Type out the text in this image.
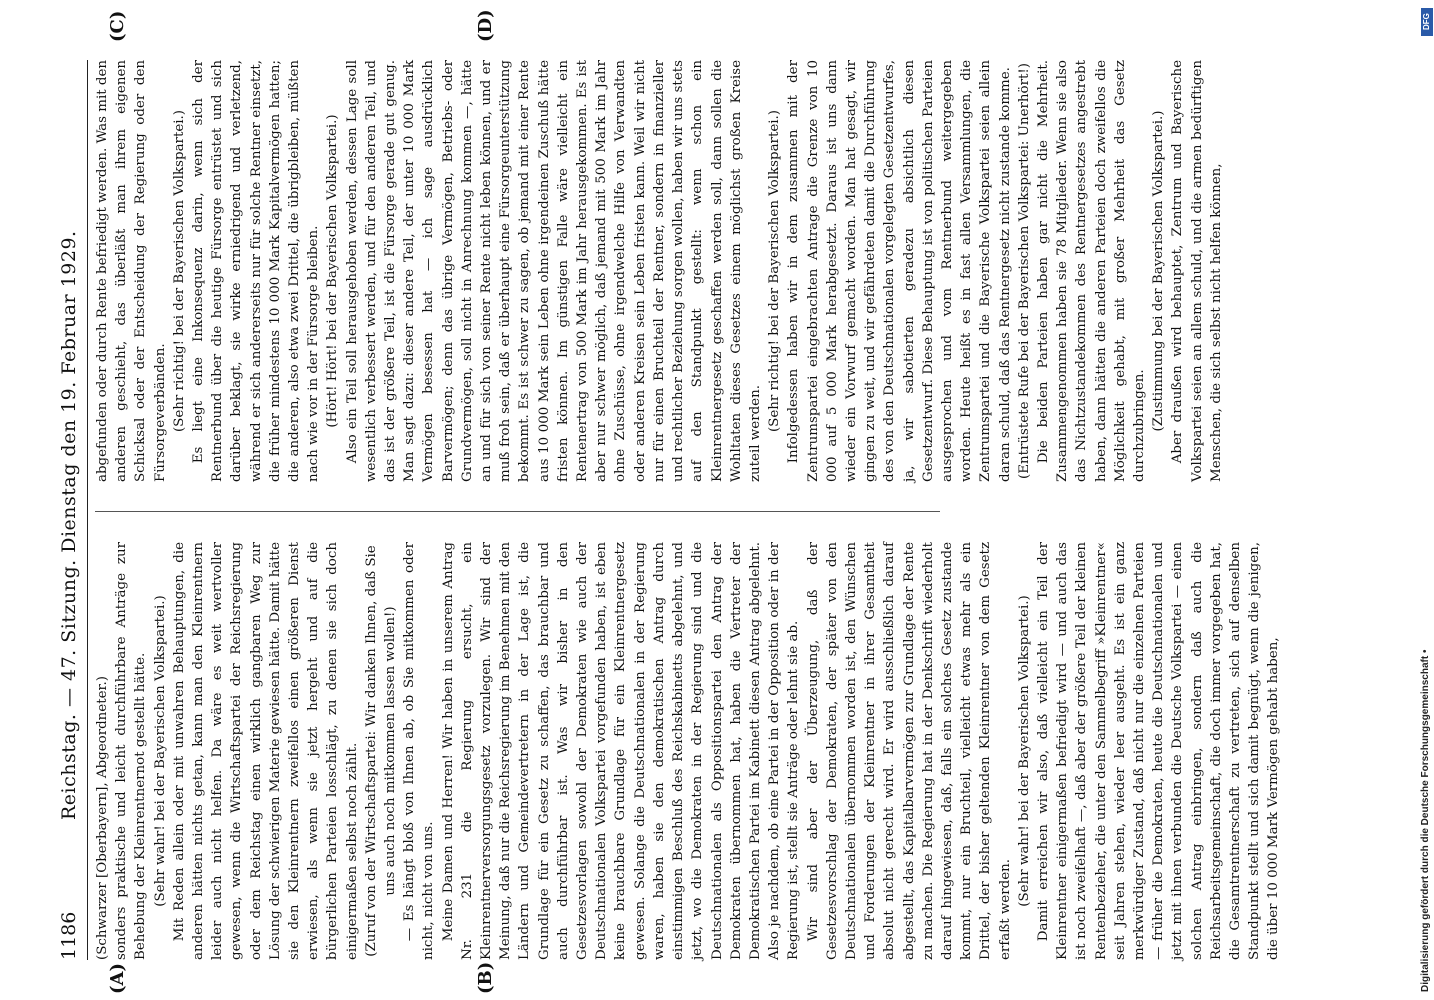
1186
Reichstag. — 47. Sitzung. Dienstag den 19. Februar 1929.
(A)	(B)
(C)	(D)

(Schwarzer [Oberbayern], Abgeordneter.) sonders praktische und leicht durchführbare Anträge zur Behebung der Kleinrentnernot gestellt hätte. (Sehr wahr! bei der Bayerischen Volkspartei.) Mit Reden allein oder mit unwahren Behauptungen, die anderen hätten nichts getan, kann man den Kleinrentnern leider auch nicht helfen. Da wäre es weit wertvoller gewesen, wenn die Wirtschaftspartei der Reichsregierung oder dem Reichstag einen wirklich gangbaren Weg zur Lösung der schwierigen Materie gewiesen hätte. Damit hätte sie den Kleinrentnern zweifellos einen größeren Dienst erwiesen, als wenn sie jetzt hergeht und auf die bürgerlichen Parteien losschlägt, zu denen sie sich doch einigermaßen selbst noch zählt. (Zuruf von der Wirtschaftspartei: Wir danken Ihnen, daß Sie uns auch noch mitkommen lassen wollen!) — Es hängt bloß von Ihnen ab, ob Sie mitkommen oder nicht, nicht von uns. Meine Damen und Herren! Wir haben in unserem Antrag Nr. 231 die Regierung ersucht, ein Kleinrentnerversorgungsgesetz vorzulegen. Wir sind der Meinung, daß nur die Reichsregierung im Benehmen mit den Ländern und Gemeindevertretern in der Lage ist, die Grundlage für ein Gesetz zu schaffen, das brauchbar und auch durchführbar ist. Was wir bisher in den Gesetzesvorlagen sowohl der Demokraten wie auch der Deutschnationalen Volkspartei vorgefunden haben, ist eben keine brauchbare Grundlage für ein Kleinrentnergesetz gewesen. Solange die Deutschnationalen in der Regierung waren, haben sie den demokratischen Antrag durch einstimmigen Beschluß des Reichskabinetts abgelehnt, und jetzt, wo die Demokraten in der Regierung sind und die Deutschnationalen als Oppositionspartei den Antrag der Demokraten übernommen hat, haben die Vertreter der Demokratischen Partei im Kabinett diesen Antrag abgelehnt. Also je nachdem, ob eine Partei in der Opposition oder in der Regierung ist, stellt sie Anträge oder lehnt sie ab. Wir sind aber der Überzeugung, daß der Gesetzesvorschlag der Demokraten, der später von den Deutschnationalen übernommen worden ist, den Wünschen und Forderungen der Kleinrentner in ihrer Gesamtheit absolut nicht gerecht wird. Er wird ausschließlich darauf abgestellt, das Kapitalbarvermögen zur Grundlage der Rente zu machen. Die Regierung hat in der Denkschrift wiederholt darauf hingewiesen, daß, falls ein solches Gesetz zustande kommt, nur ein Bruchteil, vielleicht etwas mehr als ein Drittel, der bisher geltenden Kleinrentner von dem Gesetz erfaßt werden.

(Sehr wahr! bei der Bayerischen Volkspartei.) Damit erreichen wir also, daß vielleicht ein Teil der Kleinrentner einigermaßen befriedigt wird — und auch das ist noch zweifelhaft —, daß aber der größere Teil der kleinen Rentenbezieher, die unter den Sammelbegriff »Kleinrentner« seit Jahren stehen, wieder leer ausgeht. Es ist ein ganz merkwürdiger Zustand, daß nicht nur die einzelnen Parteien — früher die Demokraten, heute die Deutschnationalen und jetzt mit ihnen verbunden die Deutsche Volkspartei — einen solchen Antrag einbringen, sondern daß auch die Reichsarbeitsgemeinschaft, die doch immer vorgegeben hat, die Gesamtrentnerschaft zu vertreten, sich auf denselben Standpunkt stellt und sich damit begnügt, wenn die jenigen, die über 10 000 Mark Vermögen gehabt haben,

abgefunden oder durch Rente befriedigt werden. Was mit den anderen geschieht, das überläßt man ihrem eigenen Schicksal oder der Entscheidung der Regierung oder den Fürsorgeverbänden. (Sehr richtig! bei der Bayerischen Volkspartei.) Es liegt eine Inkonsequenz darin, wenn sich der Rentnerbund über die heutige Fürsorge entrüstet und sich darüber beklagt, sie wirke erniedrigend und verletzend, während er sich andererseits nur für solche Rentner einsetzt, die früher mindestens 10 000 Mark Kapitalvermögen hatten; die anderen, also etwa zwei Drittel, die übrigbleiben, müßten nach wie vor in der Fürsorge bleiben. (Hört! Hört! bei der Bayerischen Volkspartei.) Also ein Teil soll herausgehoben werden, dessen Lage soll wesentlich verbessert werden, und für den anderen Teil, und das ist der größere Teil, ist die Fürsorge gerade gut genug. Man sagt dazu: dieser andere Teil, der unter 10 000 Mark Vermögen besessen hat — ich sage ausdrücklich Barvermögen; denn das übrige Vermögen, Betriebs- oder Grundvermögen, soll nicht in Anrechnung kommen —, hätte an und für sich von seiner Rente nicht leben können, und er muß froh sein, daß er überhaupt eine Fürsorgeunterstützung bekommt. Es ist schwer zu sagen, ob jemand mit einer Rente aus 10 000 Mark sein Leben ohne irgendeinen Zuschuß hätte fristen können. Im günstigen Falle wäre vielleicht ein Rentenertrag von 500 Mark im Jahr herausgekommen. Es ist aber nur schwer möglich, daß jemand mit 500 Mark im Jahr ohne Zuschüsse, ohne irgendwelche Hilfe von Verwandten oder anderen Kreisen sein Leben fristen kann. Weil wir nicht nur für einen Bruchteil der Rentner, sondern in finanzieller und rechtlicher Beziehung sorgen wollen, haben wir uns stets auf den Standpunkt gestellt: wenn schon ein Kleinrentnergesetz geschaffen werden soll, dann sollen die Wohltaten dieses Gesetzes einem möglichst großen Kreise zuteil werden.

(Sehr richtig! bei der Bayerischen Volkspartei.) Infolgedessen haben wir in dem zusammen mit der Zentrumspartei eingebrachten Antrage die Grenze von 10 000 auf 5 000 Mark herabgesetzt. Daraus ist uns dann wieder ein Vorwurf gemacht worden. Man hat gesagt, wir gingen zu weit, und wir gefährdeten damit die Durchführung des von den Deutschnationalen vorgelegten Gesetzentwurfes, ja, wir sabotierten geradezu absichtlich diesen Gesetzentwurf. Diese Behauptung ist von politischen Parteien ausgesprochen und vom Rentnerbund weitergegeben worden. Heute heißt es in fast allen Versammlungen, die Zentrumspartei und die Bayerische Volkspartei seien allein daran schuld, daß das Rentnergesetz nicht zustande komme. (Entrüstete Rufe bei der Bayerischen Volkspartei: Unerhört!) Die beiden Parteien haben gar nicht die Mehrheit. Zusammengenommen haben sie 78 Mitglieder. Wenn sie also das Nichtzustandekommen des Rentnergesetzes angestrebt haben, dann hätten die anderen Parteien doch zweifellos die Möglichkeit gehabt, mit großer Mehrheit das Gesetz durchzubringen. (Zustimmung bei der Bayerischen Volkspartei.) Aber draußen wird behauptet, Zentrum und Bayerische Volkspartei seien an allem schuld, und die armen bedürftigen Menschen, die sich selbst nicht helfen können,

Digitalisierung gefördert durch die Deutsche Forschungsgemeinschaft •
DFG
